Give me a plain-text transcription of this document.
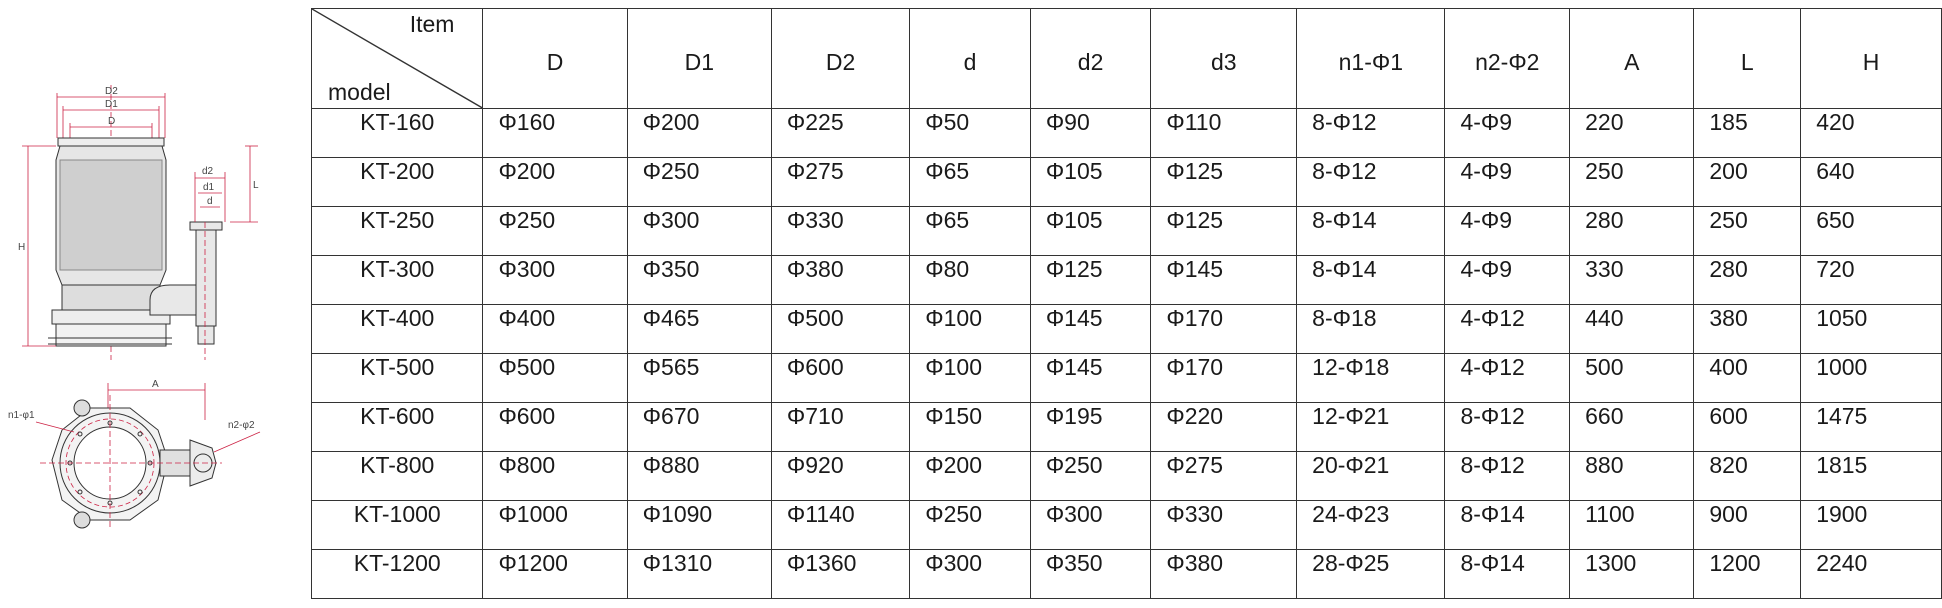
D2
D1
D
d2
d1
d
L
H
A
n1-φ1
n2-φ2
Item
model	D	D1	D2	d	d2	d3	n1-Φ1	n2-Φ2	A	L	H
KT-160	Φ160	Φ200	Φ225	Φ50	Φ90	Φ110	8-Φ12	4-Φ9	220	185	420
KT-200	Φ200	Φ250	Φ275	Φ65	Φ105	Φ125	8-Φ12	4-Φ9	250	200	640
KT-250	Φ250	Φ300	Φ330	Φ65	Φ105	Φ125	8-Φ14	4-Φ9	280	250	650
KT-300	Φ300	Φ350	Φ380	Φ80	Φ125	Φ145	8-Φ14	4-Φ9	330	280	720
KT-400	Φ400	Φ465	Φ500	Φ100	Φ145	Φ170	8-Φ18	4-Φ12	440	380	1050
KT-500	Φ500	Φ565	Φ600	Φ100	Φ145	Φ170	12-Φ18	4-Φ12	500	400	1000
KT-600	Φ600	Φ670	Φ710	Φ150	Φ195	Φ220	12-Φ21	8-Φ12	660	600	1475
KT-800	Φ800	Φ880	Φ920	Φ200	Φ250	Φ275	20-Φ21	8-Φ12	880	820	1815
KT-1000	Φ1000	Φ1090	Φ1140	Φ250	Φ300	Φ330	24-Φ23	8-Φ14	1100	900	1900
KT-1200	Φ1200	Φ1310	Φ1360	Φ300	Φ350	Φ380	28-Φ25	8-Φ14	1300	1200	2240
